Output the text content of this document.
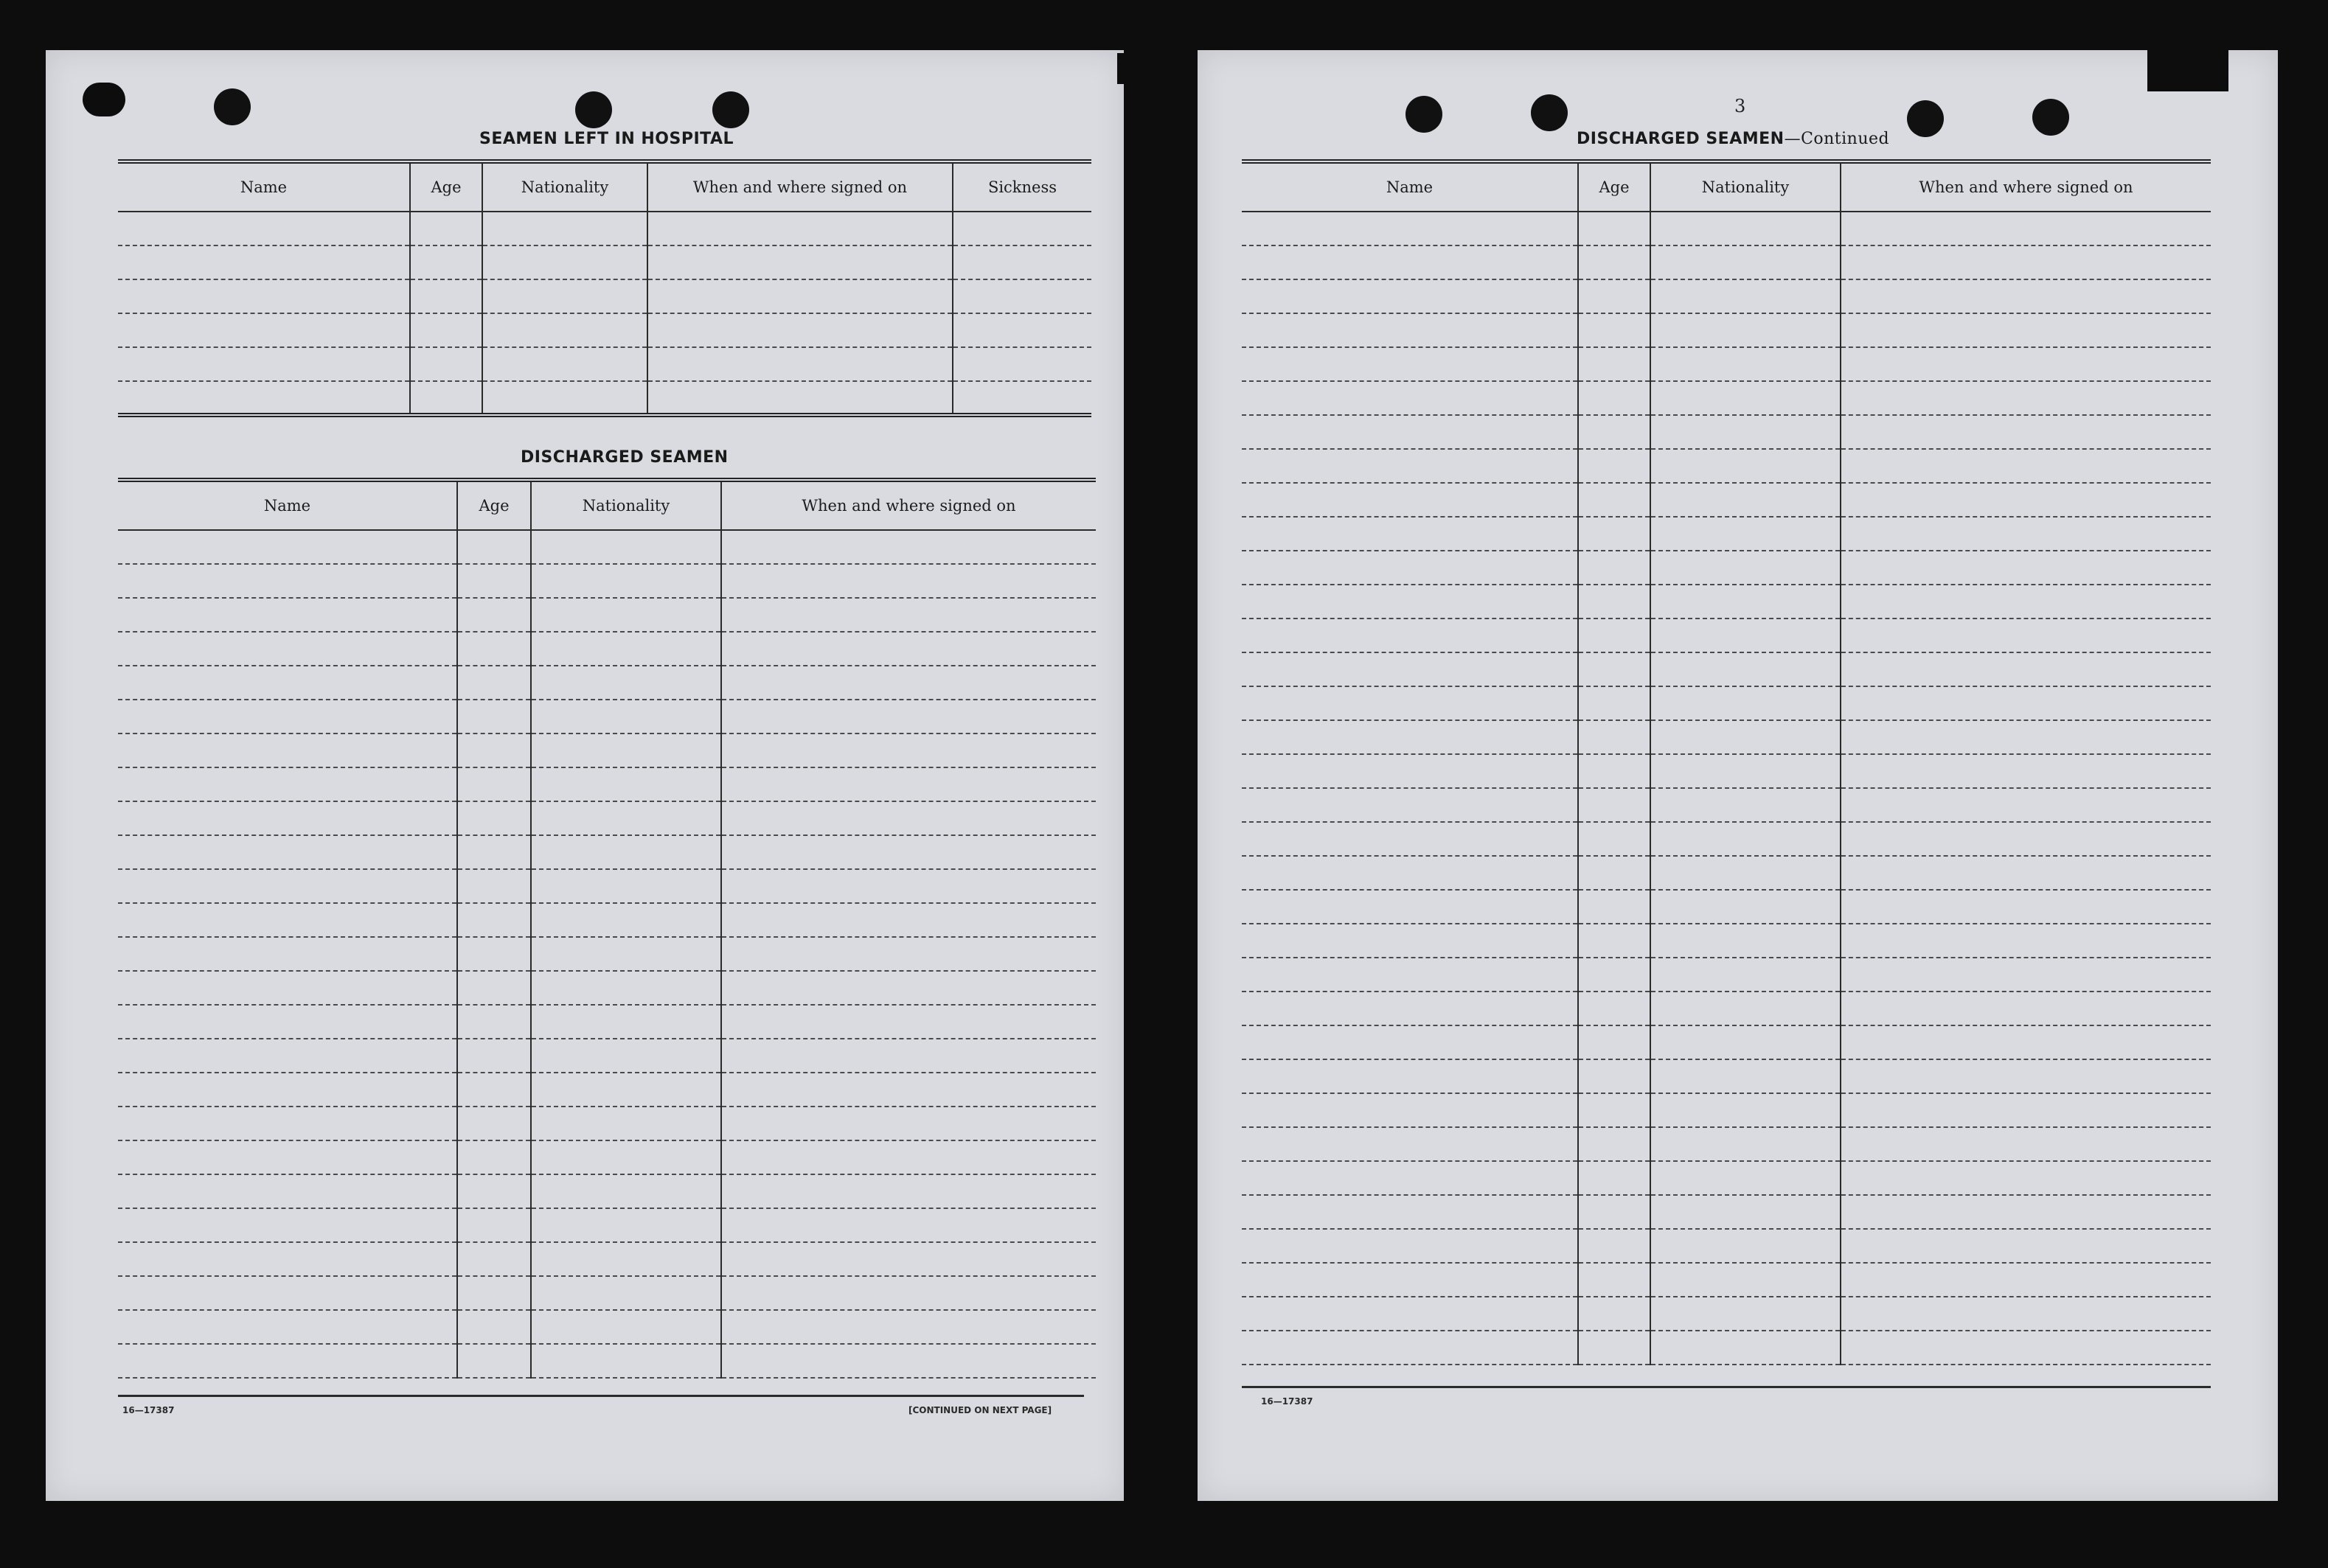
SEAMEN LEFT IN HOSPITAL
Name	Age	Nationality	When and where signed on	Sickness

DISCHARGED SEAMEN
Name	Age	Nationality	When and where signed on

16—17387	[CONTINUED ON NEXT PAGE]
3
DISCHARGED SEAMEN—Continued
Name	Age	Nationality	When and where signed on

16—17387
